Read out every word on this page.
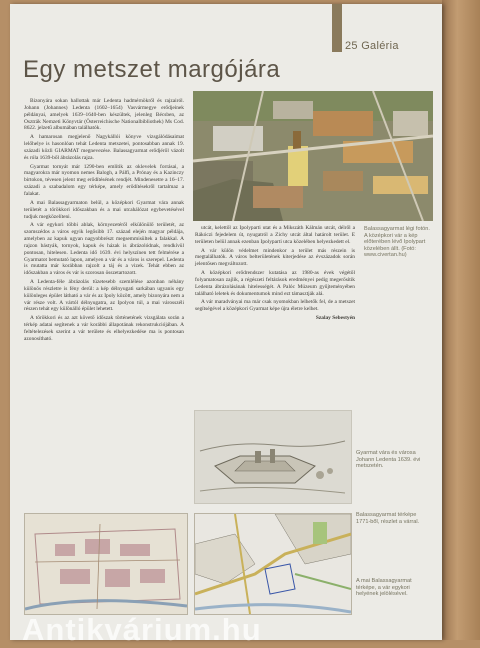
25 Galéria
Egy metszet margójára
Balassagyarmat légi fotón. A középkori vár a kép előterében lévő Ipolypart közelében állt. (Fotó: www.civertan.hu)

Bizonyára sokan hallottak már Ledenta hadmérnökről és rajzairól. Johann (Johannes) Ledenta (1602–1654) Vasvármegye erődjeinek példányai, amelyek 1639–1640-ben készültek, jelenleg Bécsben, az Osztrák Nemzeti Könyvtár (Österreichische Nationalbibliothek) Ms Cod. 8622. jelzetű albumában találhatók.

A hamarosan megjelenő Nagykállói könyve vizsgálódásaimat lelőhelye is hasonlóan tehát Ledenta metszetei, pontosabban annak 19. századi közli GIARMAT megnevezése. Balassagyarmat erődjéről vázolt és róla 1639-ből ábrázolás rajza.

Gyarmat tornyát már 1290-ben említik az oklevelek forrásai, a magyarokra már nyomon nemes Balogh, a Pálfi, a Prónay és a Kazinczy birtokon, tévesen jelent meg erődítésének rendjét. Mindenesetre a 16–17. századi a szabadalom egy térképe, amely erődítésekről tartalmaz a falakat.

A mai Balassagyarmaton belül, a középkori Gyarmat vára annak területét a törökkori időszakban és a mai utcahálózat egybevetésével tudjuk megközelíteni.

A vár egykori többi ablak, környezetéről elkülönülő területét, az szomszédos a város egyik legősibb 17. század elején magyar példája, amelyben az kapuk ugyan nagyobbrészt megsemmisültek a falakkal. A rajzon bástyák, tornyok, kapuk és házak is ábrázolódnak, rendkívül pontosan, hitelesen. Ledenta idő 1639. évi helyszínen tett felmérése a Gyarmatot bemutató lapon, amelyen a vár és a város is szerepel. Ledenta is mutatta már korábban rajzolt a táj és a vizek. Tehát ebben az időszakban a város és vár is szorosan összetartozott.

A Ledenta-féle ábrázolás tüzetesebb szemlélése azonban néhány különös részletre is fény derül: a kép délnyugati sarkában ugyanis egy különleges épület látható a vár és az Ipoly között, amely bizonyára nem a vár része volt. A vártól délnyugatra, az Ipolyon túl, a mai városszéli részen tehát egy különálló épület lehetett.

A törökkori és az azt követő időszak történetének vizsgálata során a térkép adatai segítenek a vár korábbi állapotának rekonstrukciójában. A feltételezések szerint a vár területe és elhelyezkedése ma is pontosan azonosítható.

utcát, kelettől az Ipolyparti utat és a Mikszáth Kálmán utcát, délről a Rákóczi fejedelem út, nyugatról a Zichy utcát által határolt terület. E területen belül annak ezenban Ipolyparti utca közelében helyezkedett el.

A vár külön védelmet mindenkor a terület más részein is megtalálhatók. A város belterületének kiterjedése az évszázadok során jelentősen megváltozott.

A középkori erődrendszer kutatása az 1980-as évek végétől folyamatosan zajlik, a régészeti feltárások eredményei pedig megerősítik Ledenta ábrázolásának hitelességét. A Palóc Múzeum gyűjteményében található leletek és dokumentumok mind ezt támasztják alá.

A vár maradványai ma már csak nyomokban lelhetők fel, de a metszet segítségével a középkori Gyarmat képe újra életre kelhet.

Szalay Sebestyén
Gyarmat vára és városa Johann Ledenta 1639. évi metszetén.
Balassagyarmat térképe 1771-ből, részlet a várral.
A mai Balassagyarmat térképe, a vár egykori helyének jelölésével.
Antikvárium.hu
